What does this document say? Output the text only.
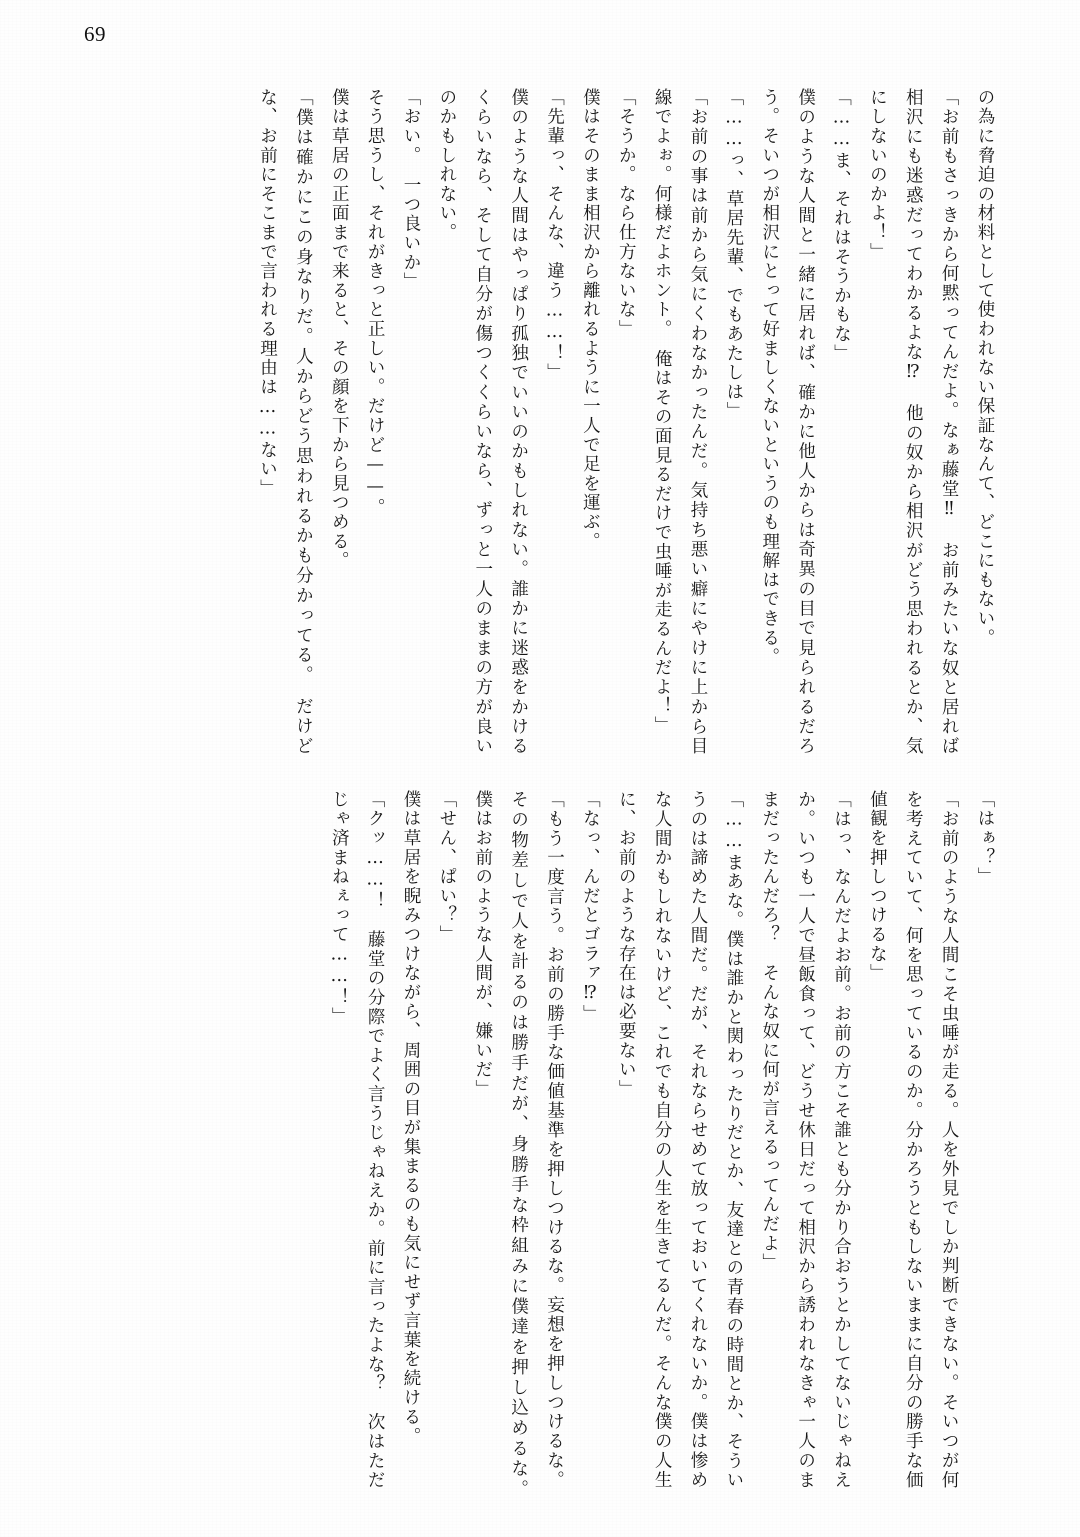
69

の為に脅迫の材料として使われない保証なんて、どこにもない。

「お前もさっきから何黙ってんだよ。なぁ藤堂‼　お前みたいな奴と居れば相沢にも迷惑だってわかるよな⁉　他の奴から相沢がどう思われるとか、気にしないのかよ！」

「……ま、それはそうかもな」

僕のような人間と一緒に居れば、確かに他人からは奇異の目で見られるだろう。そいつが相沢にとって好ましくないというのも理解はできる。

「……っ、草居先輩、でもあたしは」

「お前の事は前から気にくわなかったんだ。気持ち悪い癖にやけに上から目線でよぉ。何様だよホント。　俺はその面見るだけで虫唾が走るんだよ！」

「そうか。なら仕方ないな」

僕はそのまま相沢から離れるように一人で足を運ぶ。

「先輩っ、そんな、違う……！」

僕のような人間はやっぱり孤独でいいのかもしれない。誰かに迷惑をかけるくらいなら、そして自分が傷つくくらいなら、ずっと一人のままの方が良いのかもしれない。

「おい。　一つ良いか」

そう思うし、それがきっと正しい。だけど——。

僕は草居の正面まで来ると、その顔を下から見つめる。

「僕は確かにこの身なりだ。人からどう思われるかも分かってる。　だけどな、お前にそこまで言われる理由は……ない」

「はぁ？」

「お前のような人間こそ虫唾が走る。人を外見でしか判断できない。そいつが何を考えていて、何を思っているのか。分かろうともしないままに自分の勝手な価値観を押しつけるな」

「はっ、なんだよお前。お前の方こそ誰とも分かり合おうとかしてないじゃねえか。いつも一人で昼飯食って、どうせ休日だって相沢から誘われなきゃ一人のままだったんだろ？　そんな奴に何が言えるってんだよ」

「……まあな。僕は誰かと関わったりだとか、友達との青春の時間とか、そういうのは諦めた人間だ。だが、それならせめて放っておいてくれないか。僕は惨めな人間かもしれないけど、これでも自分の人生を生きてるんだ。そんな僕の人生に、お前のような存在は必要ない」

「なっ、んだとゴラァ⁉」

「もう一度言う。お前の勝手な価値基準を押しつけるな。妄想を押しつけるな。その物差しで人を計るのは勝手だが、身勝手な枠組みに僕達を押し込めるな。　僕はお前のような人間が、嫌いだ」

「せん、ぱい？」

僕は草居を睨みつけながら、周囲の目が集まるのも気にせず言葉を続ける。

「クッ……！　藤堂の分際でよく言うじゃねえか。前に言ったよな？　次はただじゃ済まねぇって……！」
